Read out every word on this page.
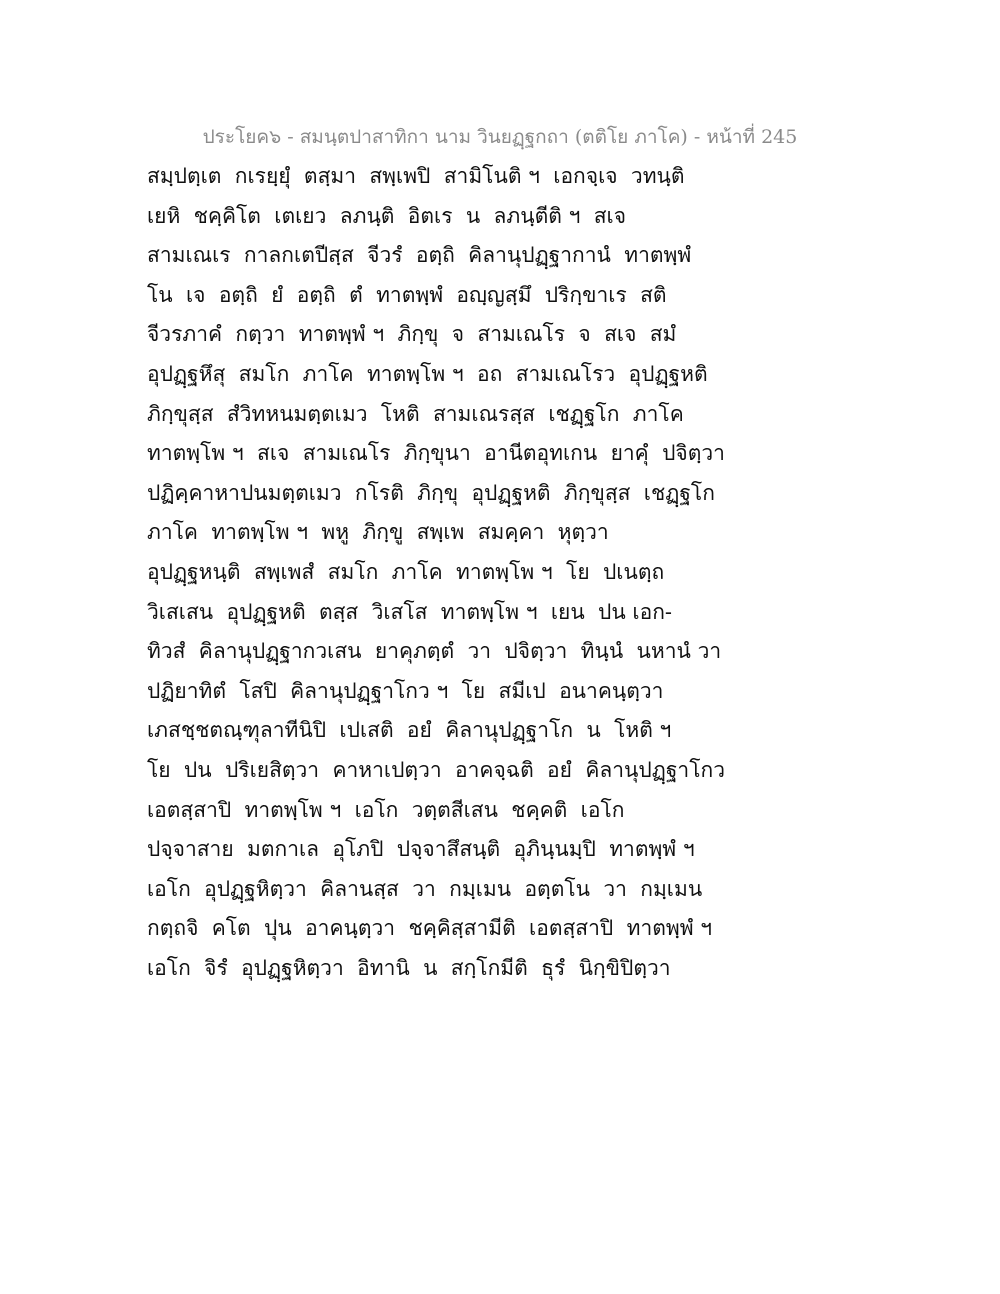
ประโยค๖ - สมนฺตปาสาทิกา นาม วินยฏฺฐกถา (ตติโย ภาโค) - หน้าที่ 245
สมฺปตฺเต  กเรยฺยุํ  ตสฺมา  สพฺเพปิ  สามิโนติ ฯ  เอกจฺเจ  วทนฺติ
เยหิ  ชคฺคิโต  เตเยว  ลภนฺติ  อิตเร  น  ลภนฺตีติ ฯ  สเจ
สามเณเร  กาลกเตปีสฺส  จีวรํ  อตฺถิ  คิลานุปฏฺฐากานํ  ทาตพฺพํ
โน  เจ  อตฺถิ  ยํ  อตฺถิ  ตํ  ทาตพฺพํ  อญฺญสฺมึ  ปริกฺขาเร  สติ
จีวรภาคํ  กตฺวา  ทาตพฺพํ ฯ  ภิกฺขุ  จ  สามเณโร  จ  สเจ  สมํ
อุปฏฺฐหึสุ  สมโก  ภาโค  ทาตพฺโพ ฯ  อถ  สามเณโรว  อุปฏฺฐหติ
ภิกฺขุสฺส  สํวิทหนมตฺตเมว  โหติ  สามเณรสฺส  เชฏฺฐโก  ภาโค
ทาตพฺโพ ฯ  สเจ  สามเณโร  ภิกฺขุนา  อานีตอุทเกน  ยาคุํ  ปจิตฺวา
ปฏิคฺคาหาปนมตฺตเมว  กโรติ  ภิกฺขุ  อุปฏฺฐหติ  ภิกฺขุสฺส  เชฏฺฐโก
ภาโค  ทาตพฺโพ ฯ  พหู  ภิกฺขู  สพฺเพ  สมคฺคา  หุตฺวา
อุปฏฺฐหนฺติ  สพฺเพสํ  สมโก  ภาโค  ทาตพฺโพ ฯ  โย  ปเนตฺถ
วิเสเสน  อุปฏฺฐหติ  ตสฺส  วิเสโส  ทาตพฺโพ ฯ  เยน  ปน เอก-
ทิวสํ  คิลานุปฏฺฐากวเสน  ยาคุภตฺตํ  วา  ปจิตฺวา  ทินฺนํ  นหานํ วา
ปฏิยาทิตํ  โสปิ  คิลานุปฏฺฐาโกว ฯ  โย  สมีเป  อนาคนฺตฺวา
เภสชฺชตณฺฑุลาทีนิปิ  เปเสติ  อยํ  คิลานุปฏฺฐาโก  น  โหติ ฯ
โย  ปน  ปริเยสิตฺวา  คาหาเปตฺวา  อาคจฺฉติ  อยํ  คิลานุปฏฺฐาโกว
เอตสฺสาปิ  ทาตพฺโพ ฯ  เอโก  วตฺตสีเสน  ชคฺคติ  เอโก
ปจฺจาสาย  มตกาเล  อุโภปิ  ปจฺจาสึสนฺติ  อุภินฺนมฺปิ  ทาตพฺพํ ฯ
เอโก  อุปฏฺฐหิตฺวา  คิลานสฺส  วา  กมฺเมน  อตฺตโน  วา  กมฺเมน
กตฺถจิ  คโต  ปุน  อาคนฺตฺวา  ชคฺคิสฺสามีติ  เอตสฺสาปิ  ทาตพฺพํ ฯ
เอโก  จิรํ  อุปฏฺฐหิตฺวา  อิทานิ  น  สกฺโกมีติ  ธุรํ  นิกฺขิปิตฺวา
